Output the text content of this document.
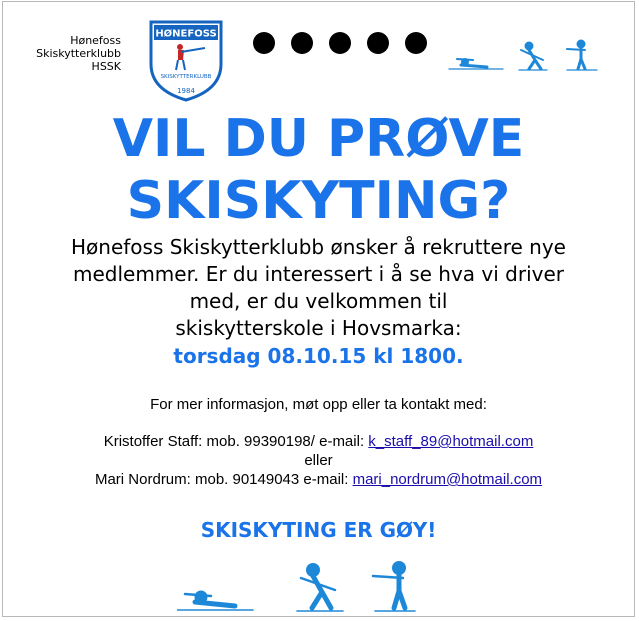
Hønefoss
Skiskytterklubb
HSSK
HØNEFOSS
SKISKYTTERKLUBB
1984
VIL DU PRØVE
SKISKYTING?

Hønefoss Skiskytterklubb ønsker å rekruttere nye

medlemmer. Er du interessert i å se hva vi driver

med, er du velkommen til

skiskytterskole i Hovsmarka:

torsdag 08.10.15 kl 1800.
For mer informasjon, møt opp eller ta kontakt med:
Kristoffer Staff: mob. 99390198/ e-mail: k_staff_89@hotmail.com
eller
Mari Nordrum: mob. 90149043 e-mail: mari_nordrum@hotmail.com
SKISKYTING ER GØY!
